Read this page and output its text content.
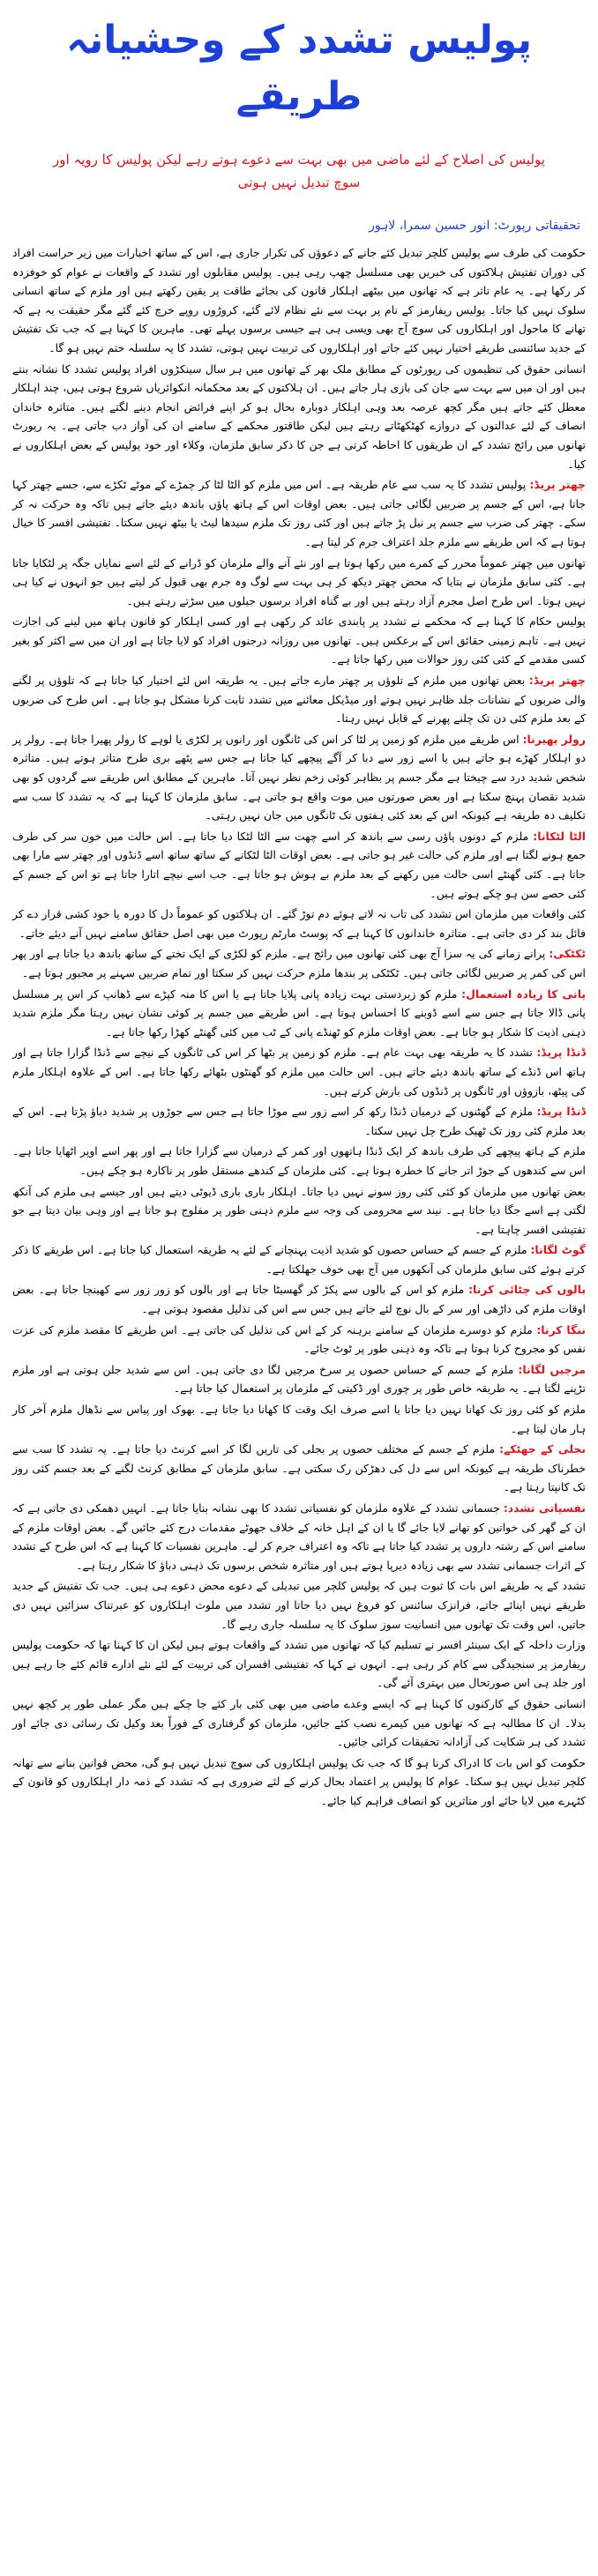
پولیس تشدد کے وحشیانہ طریقے
پولیس کی اصلاح کے لئے ماضی میں بھی بہت سے دعوے ہوتے رہے لیکن پولیس کا رویہ اور سوچ تبدیل نہیں ہوتی
تحقیقاتی رپورٹ: انور حسین سمرا، لاہور

حکومت کی طرف سے پولیس کلچر تبدیل کئے جانے کے دعوؤں کی تکرار جاری ہے، اس کے ساتھ اخبارات میں زیر حراست افراد کی دوران تفتیش ہلاکتوں کی خبریں بھی مسلسل چھپ رہی ہیں۔ پولیس مقابلوں اور تشدد کے واقعات نے عوام کو خوفزدہ کر رکھا ہے۔ یہ عام تاثر ہے کہ تھانوں میں بیٹھے اہلکار قانون کی بجائے طاقت پر یقین رکھتے ہیں اور ملزم کے ساتھ انسانی سلوک نہیں کیا جاتا۔ پولیس ریفارمز کے نام پر بہت سے نئے نظام لائے گئے، کروڑوں روپے خرچ کئے گئے مگر حقیقت یہ ہے کہ تھانے کا ماحول اور اہلکاروں کی سوچ آج بھی ویسی ہی ہے جیسی برسوں پہلے تھی۔ ماہرین کا کہنا ہے کہ جب تک تفتیش کے جدید سائنسی طریقے اختیار نہیں کئے جاتے اور اہلکاروں کی تربیت نہیں ہوتی، تشدد کا یہ سلسلہ ختم نہیں ہو گا۔

انسانی حقوق کی تنظیموں کی رپورٹوں کے مطابق ملک بھر کے تھانوں میں ہر سال سینکڑوں افراد پولیس تشدد کا نشانہ بنتے ہیں اور ان میں سے بہت سے جان کی بازی ہار جاتے ہیں۔ ان ہلاکتوں کے بعد محکمانہ انکوائریاں شروع ہوتی ہیں، چند اہلکار معطل کئے جاتے ہیں مگر کچھ عرصہ بعد وہی اہلکار دوبارہ بحال ہو کر اپنے فرائض انجام دینے لگتے ہیں۔ متاثرہ خاندان انصاف کے لئے عدالتوں کے دروازے کھٹکھٹاتے رہتے ہیں لیکن طاقتور محکمے کے سامنے ان کی آواز دب جاتی ہے۔ یہ رپورٹ تھانوں میں رائج تشدد کے ان طریقوں کا احاطہ کرتی ہے جن کا ذکر سابق ملزمان، وکلاء اور خود پولیس کے بعض اہلکاروں نے کیا۔

چھتر پریڈ: پولیس تشدد کا یہ سب سے عام طریقہ ہے۔ اس میں ملزم کو الٹا لٹا کر چمڑے کے موٹے ٹکڑے سے، جسے چھتر کہا جاتا ہے، اس کے جسم پر ضربیں لگائی جاتی ہیں۔ بعض اوقات اس کے ہاتھ پاؤں باندھ دیئے جاتے ہیں تاکہ وہ حرکت نہ کر سکے۔ چھتر کی ضرب سے جسم پر نیل پڑ جاتے ہیں اور کئی روز تک ملزم سیدھا لیٹ یا بیٹھ نہیں سکتا۔ تفتیشی افسر کا خیال ہوتا ہے کہ اس طریقے سے ملزم جلد اعتراف جرم کر لیتا ہے۔

تھانوں میں چھتر عموماً محرر کے کمرے میں رکھا ہوتا ہے اور نئے آنے والے ملزمان کو ڈرانے کے لئے اسے نمایاں جگہ پر لٹکایا جاتا ہے۔ کئی سابق ملزمان نے بتایا کہ محض چھتر دیکھ کر ہی بہت سے لوگ وہ جرم بھی قبول کر لیتے ہیں جو انہوں نے کیا ہی نہیں ہوتا۔ اس طرح اصل مجرم آزاد رہتے ہیں اور بے گناہ افراد برسوں جیلوں میں سڑتے رہتے ہیں۔

پولیس حکام کا کہنا ہے کہ محکمے نے تشدد پر پابندی عائد کر رکھی ہے اور کسی اہلکار کو قانون ہاتھ میں لینے کی اجازت نہیں ہے۔ تاہم زمینی حقائق اس کے برعکس ہیں۔ تھانوں میں روزانہ درجنوں افراد کو لایا جاتا ہے اور ان میں سے اکثر کو بغیر کسی مقدمے کے کئی کئی روز حوالات میں رکھا جاتا ہے۔

چھتر پریڈ: بعض تھانوں میں ملزم کے تلوؤں پر چھتر مارے جاتے ہیں۔ یہ طریقہ اس لئے اختیار کیا جاتا ہے کہ تلوؤں پر لگنے والی ضربوں کے نشانات جلد ظاہر نہیں ہوتے اور میڈیکل معائنے میں تشدد ثابت کرنا مشکل ہو جاتا ہے۔ اس طرح کی ضربوں کے بعد ملزم کئی دن تک چلنے پھرنے کے قابل نہیں رہتا۔

رولر پھیرنا: اس طریقے میں ملزم کو زمین پر لٹا کر اس کی ٹانگوں اور رانوں پر لکڑی یا لوہے کا رولر پھیرا جاتا ہے۔ رولر پر دو اہلکار کھڑے ہو جاتے ہیں یا اسے زور سے دبا کر آگے پیچھے کیا جاتا ہے جس سے پٹھے بری طرح متاثر ہوتے ہیں۔ متاثرہ شخص شدید درد سے چیختا ہے مگر جسم پر بظاہر کوئی زخم نظر نہیں آتا۔ ماہرین کے مطابق اس طریقے سے گردوں کو بھی شدید نقصان پہنچ سکتا ہے اور بعض صورتوں میں موت واقع ہو جاتی ہے۔ سابق ملزمان کا کہنا ہے کہ یہ تشدد کا سب سے تکلیف دہ طریقہ ہے کیونکہ اس کے بعد کئی ہفتوں تک ٹانگوں میں جان نہیں رہتی۔

الٹا لٹکانا: ملزم کے دونوں پاؤں رسی سے باندھ کر اسے چھت سے الٹا لٹکا دیا جاتا ہے۔ اس حالت میں خون سر کی طرف جمع ہونے لگتا ہے اور ملزم کی حالت غیر ہو جاتی ہے۔ بعض اوقات الٹا لٹکانے کے ساتھ ساتھ اسے ڈنڈوں اور چھتر سے مارا بھی جاتا ہے۔ کئی گھنٹے اسی حالت میں رکھنے کے بعد ملزم بے ہوش ہو جاتا ہے۔ جب اسے نیچے اتارا جاتا ہے تو اس کے جسم کے کئی حصے سن ہو چکے ہوتے ہیں۔

کئی واقعات میں ملزمان اس تشدد کی تاب نہ لاتے ہوئے دم توڑ گئے۔ ان ہلاکتوں کو عموماً دل کا دورہ یا خود کشی قرار دے کر فائل بند کر دی جاتی ہے۔ متاثرہ خاندانوں کا کہنا ہے کہ پوسٹ مارٹم رپورٹ میں بھی اصل حقائق سامنے نہیں آنے دیئے جاتے۔

ٹکٹکی: پرانے زمانے کی یہ سزا آج بھی کئی تھانوں میں رائج ہے۔ ملزم کو لکڑی کے ایک تختے کے ساتھ باندھ دیا جاتا ہے اور پھر اس کی کمر پر ضربیں لگائی جاتی ہیں۔ ٹکٹکی پر بندھا ملزم حرکت نہیں کر سکتا اور تمام ضربیں سہنے پر مجبور ہوتا ہے۔

پانی کا زیادہ استعمال: ملزم کو زبردستی بہت زیادہ پانی پلایا جاتا ہے یا اس کا منہ کپڑے سے ڈھانپ کر اس پر مسلسل پانی ڈالا جاتا ہے جس سے اسے ڈوبنے کا احساس ہوتا ہے۔ اس طریقے میں جسم پر کوئی نشان نہیں رہتا مگر ملزم شدید ذہنی اذیت کا شکار ہو جاتا ہے۔ بعض اوقات ملزم کو ٹھنڈے پانی کے ٹب میں کئی گھنٹے کھڑا رکھا جاتا ہے۔

ڈنڈا پریڈ: تشدد کا یہ طریقہ بھی بہت عام ہے۔ ملزم کو زمین پر بٹھا کر اس کی ٹانگوں کے نیچے سے ڈنڈا گزارا جاتا ہے اور ہاتھ اس ڈنڈے کے ساتھ باندھ دیئے جاتے ہیں۔ اس حالت میں ملزم کو گھنٹوں بٹھائے رکھا جاتا ہے۔ اس کے علاوہ اہلکار ملزم کی پیٹھ، بازوؤں اور ٹانگوں پر ڈنڈوں کی بارش کرتے ہیں۔

ڈنڈا پریڈ: ملزم کے گھٹنوں کے درمیان ڈنڈا رکھ کر اسے زور سے موڑا جاتا ہے جس سے جوڑوں پر شدید دباؤ پڑتا ہے۔ اس کے بعد ملزم کئی روز تک ٹھیک طرح چل نہیں سکتا۔

ملزم کے ہاتھ پیچھے کی طرف باندھ کر ایک ڈنڈا ہاتھوں اور کمر کے درمیان سے گزارا جاتا ہے اور پھر اسے اوپر اٹھایا جاتا ہے۔ اس سے کندھوں کے جوڑ اتر جانے کا خطرہ ہوتا ہے۔ کئی ملزمان کے کندھے مستقل طور پر ناکارہ ہو چکے ہیں۔

بعض تھانوں میں ملزمان کو کئی کئی روز سونے نہیں دیا جاتا۔ اہلکار باری باری ڈیوٹی دیتے ہیں اور جیسے ہی ملزم کی آنکھ لگتی ہے اسے جگا دیا جاتا ہے۔ نیند سے محرومی کی وجہ سے ملزم ذہنی طور پر مفلوج ہو جاتا ہے اور وہی بیان دیتا ہے جو تفتیشی افسر چاہتا ہے۔

گوٹ لگانا: ملزم کے جسم کے حساس حصوں کو شدید اذیت پہنچانے کے لئے یہ طریقہ استعمال کیا جاتا ہے۔ اس طریقے کا ذکر کرتے ہوئے کئی سابق ملزمان کی آنکھوں میں آج بھی خوف جھلکتا ہے۔

بالوں کی چٹائی کرنا: ملزم کو اس کے بالوں سے پکڑ کر گھسیٹا جاتا ہے اور بالوں کو زور زور سے کھینچا جاتا ہے۔ بعض اوقات ملزم کی داڑھی اور سر کے بال نوچ لئے جاتے ہیں جس سے اس کی تذلیل مقصود ہوتی ہے۔

ننگا کرنا: ملزم کو دوسرے ملزمان کے سامنے برہنہ کر کے اس کی تذلیل کی جاتی ہے۔ اس طریقے کا مقصد ملزم کی عزت نفس کو مجروح کرنا ہوتا ہے تاکہ وہ ذہنی طور پر ٹوٹ جائے۔

مرچیں لگانا: ملزم کے جسم کے حساس حصوں پر سرخ مرچیں لگا دی جاتی ہیں۔ اس سے شدید جلن ہوتی ہے اور ملزم تڑپنے لگتا ہے۔ یہ طریقہ خاص طور پر چوری اور ڈکیتی کے ملزمان پر استعمال کیا جاتا ہے۔

ملزم کو کئی روز تک کھانا نہیں دیا جاتا یا اسے صرف ایک وقت کا کھانا دیا جاتا ہے۔ بھوک اور پیاس سے نڈھال ملزم آخر کار ہار مان لیتا ہے۔

بجلی کے جھٹکے: ملزم کے جسم کے مختلف حصوں پر بجلی کی تاریں لگا کر اسے کرنٹ دیا جاتا ہے۔ یہ تشدد کا سب سے خطرناک طریقہ ہے کیونکہ اس سے دل کی دھڑکن رک سکتی ہے۔ سابق ملزمان کے مطابق کرنٹ لگنے کے بعد جسم کئی روز تک کانپتا رہتا ہے۔

نفسیاتی تشدد: جسمانی تشدد کے علاوہ ملزمان کو نفسیاتی تشدد کا بھی نشانہ بنایا جاتا ہے۔ انہیں دھمکی دی جاتی ہے کہ ان کے گھر کی خواتین کو تھانے لایا جائے گا یا ان کے اہل خانہ کے خلاف جھوٹے مقدمات درج کئے جائیں گے۔ بعض اوقات ملزم کے سامنے اس کے رشتہ داروں پر تشدد کیا جاتا ہے تاکہ وہ اعتراف جرم کر لے۔ ماہرین نفسیات کا کہنا ہے کہ اس طرح کے تشدد کے اثرات جسمانی تشدد سے بھی زیادہ دیرپا ہوتے ہیں اور متاثرہ شخص برسوں تک ذہنی دباؤ کا شکار رہتا ہے۔

تشدد کے یہ طریقے اس بات کا ثبوت ہیں کہ پولیس کلچر میں تبدیلی کے دعوے محض دعوے ہی ہیں۔ جب تک تفتیش کے جدید طریقے نہیں اپنائے جاتے، فرانزک سائنس کو فروغ نہیں دیا جاتا اور تشدد میں ملوث اہلکاروں کو عبرتناک سزائیں نہیں دی جاتیں، اس وقت تک تھانوں میں انسانیت سوز سلوک کا یہ سلسلہ جاری رہے گا۔

وزارت داخلہ کے ایک سینئر افسر نے تسلیم کیا کہ تھانوں میں تشدد کے واقعات ہوتے ہیں لیکن ان کا کہنا تھا کہ حکومت پولیس ریفارمز پر سنجیدگی سے کام کر رہی ہے۔ انہوں نے کہا کہ تفتیشی افسران کی تربیت کے لئے نئے ادارے قائم کئے جا رہے ہیں اور جلد ہی اس صورتحال میں بہتری آئے گی۔

انسانی حقوق کے کارکنوں کا کہنا ہے کہ ایسے وعدے ماضی میں بھی کئی بار کئے جا چکے ہیں مگر عملی طور پر کچھ نہیں بدلا۔ ان کا مطالبہ ہے کہ تھانوں میں کیمرے نصب کئے جائیں، ملزمان کو گرفتاری کے فوراً بعد وکیل تک رسائی دی جائے اور تشدد کی ہر شکایت کی آزادانہ تحقیقات کرائی جائیں۔

حکومت کو اس بات کا ادراک کرنا ہو گا کہ جب تک پولیس اہلکاروں کی سوچ تبدیل نہیں ہو گی، محض قوانین بنانے سے تھانہ کلچر تبدیل نہیں ہو سکتا۔ عوام کا پولیس پر اعتماد بحال کرنے کے لئے ضروری ہے کہ تشدد کے ذمہ دار اہلکاروں کو قانون کے کٹہرے میں لایا جائے اور متاثرین کو انصاف فراہم کیا جائے۔
